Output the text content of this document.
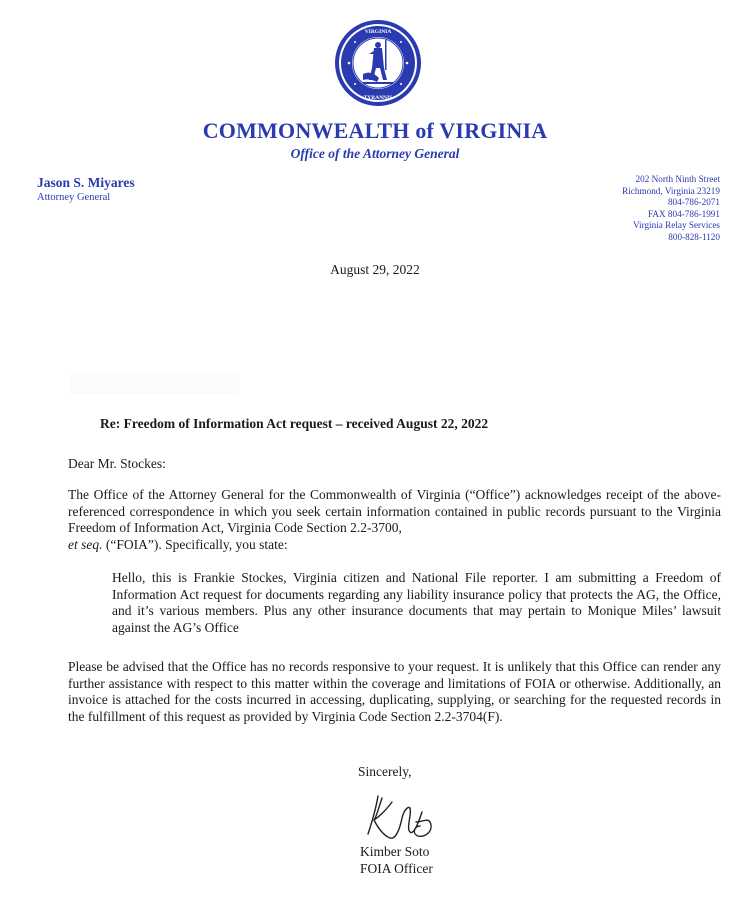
VIRGINIA
TYRANNIS
COMMONWEALTH of VIRGINIA
Office of the Attorney General
Jason S. Miyares
Attorney General
202 North Ninth Street
Richmond, Virginia 23219
804-786-2071
FAX 804-786-1991
Virginia Relay Services
800-828-1120
August 29, 2022
Re: Freedom of Information Act request – received August 22, 2022
Dear Mr. Stockes:
The Office of the Attorney General for the Commonwealth of Virginia (“Office”) acknowledges receipt of the above-referenced correspondence in which you seek certain information contained in public records pursuant to the Virginia Freedom of Information Act, Virginia Code Section 2.2-3700,
et seq. (“FOIA”). Specifically, you state:
Hello, this is Frankie Stockes, Virginia citizen and National File reporter. I am submitting a Freedom of Information Act request for documents regarding any liability insurance policy that protects the AG, the Office, and it’s various members. Plus any other insurance documents that may pertain to Monique Miles’ lawsuit against the AG’s Office
Please be advised that the Office has no records responsive to your request. It is unlikely that this Office can render any further assistance with respect to this matter within the coverage and limitations of FOIA or otherwise. Additionally, an invoice is attached for the costs incurred in accessing, duplicating, supplying, or searching for the requested records in the fulfillment of this request as provided by Virginia Code Section 2.2-3704(F).
Sincerely,
Kimber Soto
FOIA Officer
